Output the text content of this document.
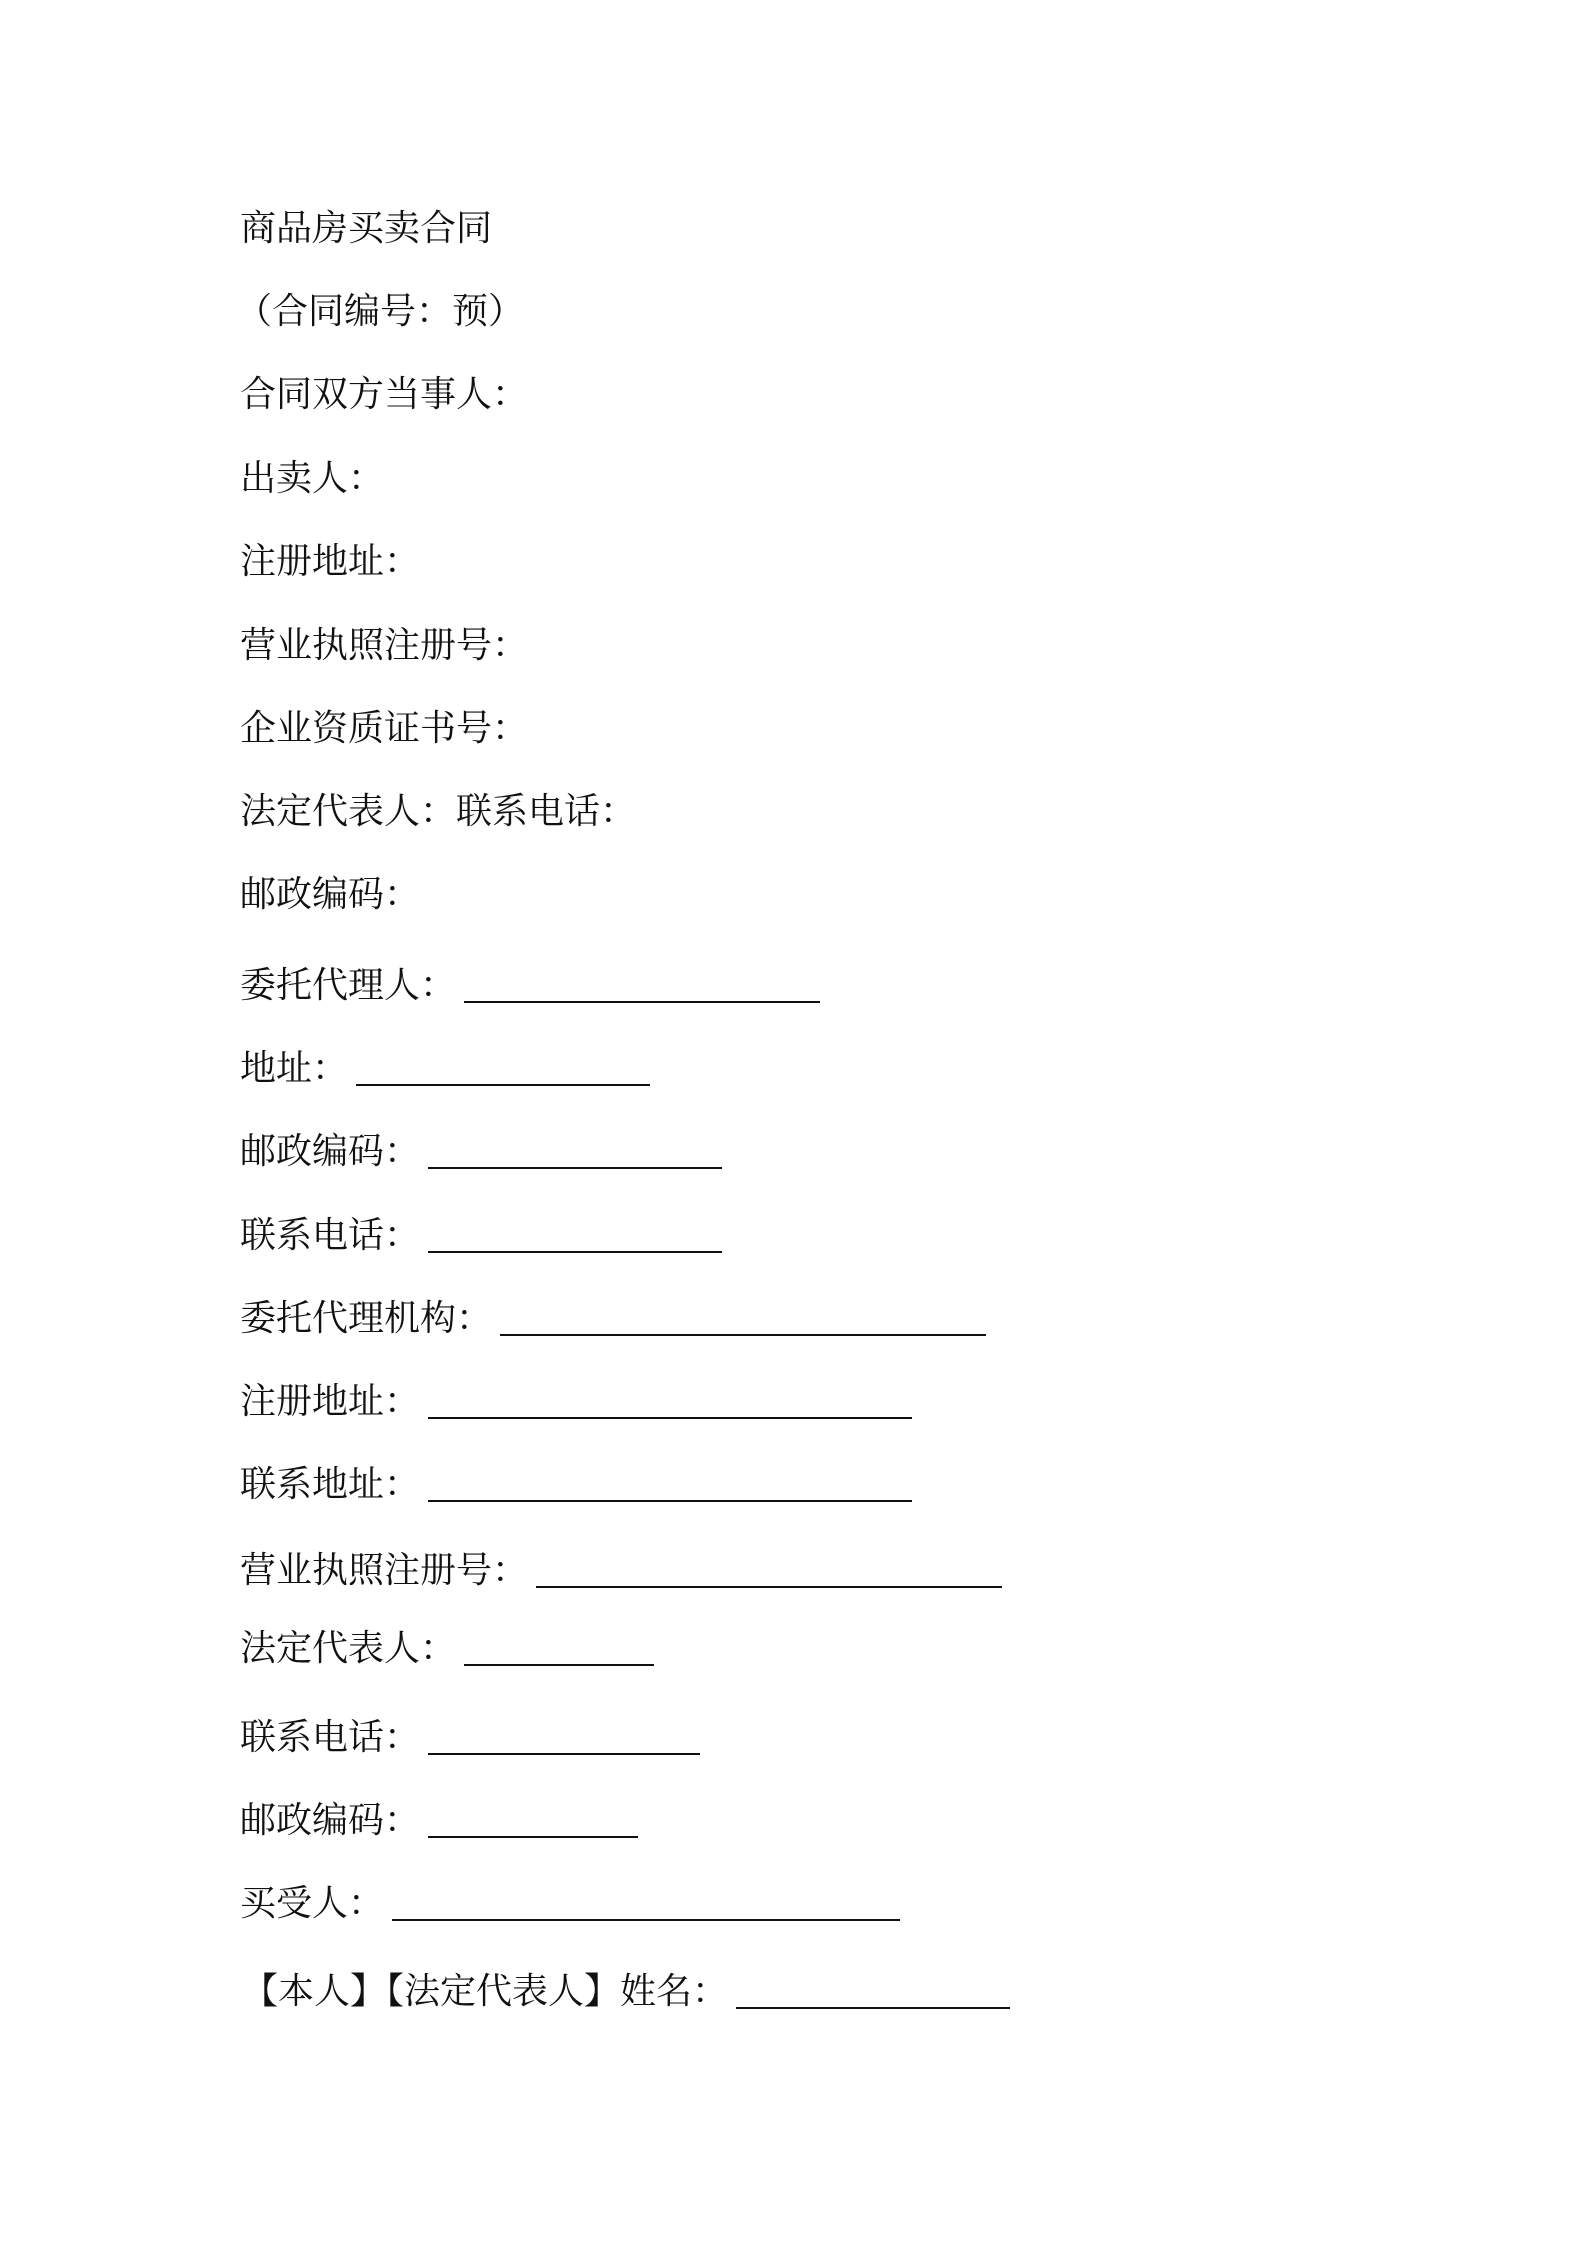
商品房买卖合同
（合同编号：预）
合同双方当事人：
出卖人：
注册地址：
营业执照注册号：
企业资质证书号：
法定代表人：联系电话：
邮政编码：
委托代理人：
地址：
邮政编码：
联系电话：
委托代理机构：
注册地址：
联系地址：
营业执照注册号：
法定代表人：
联系电话：
邮政编码：
买受人：
【本人】【法定代表人】姓名：
